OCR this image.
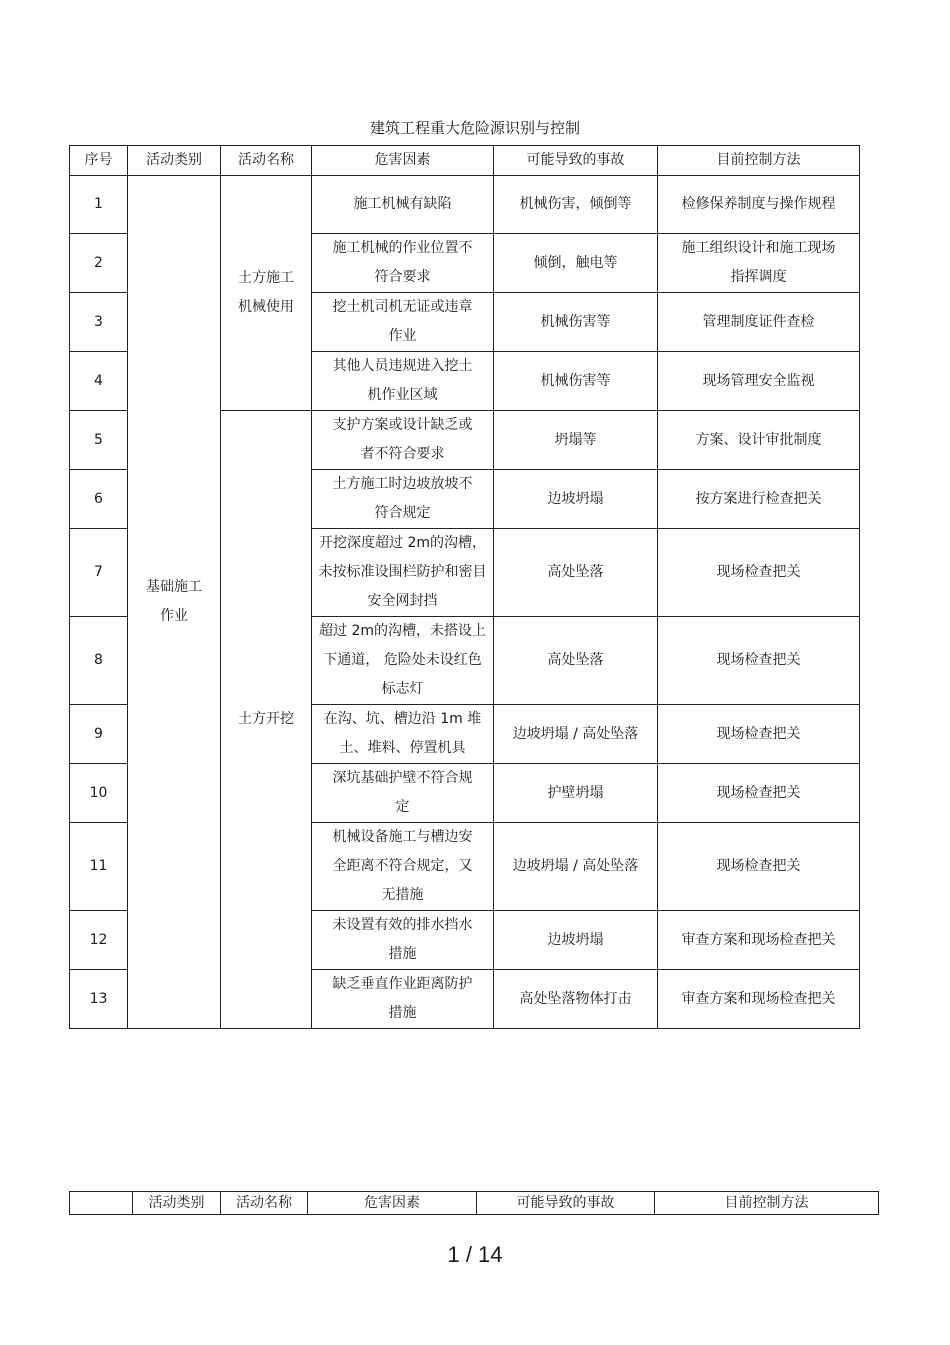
建筑工程重大危险源识别与控制
序号	活动类别	活动名称	危害因素	可能导致的事故	目前控制方法
1	基础施工作业	土方施工机械使用	施工机械有缺陷	机械伤害，倾倒等	检修保养制度与操作规程

2			施工机械的作业位置不符合要求	倾倒，触电等	施工组织设计和施工现场指挥调度

3			挖土机司机无证或违章作业	机械伤害等	管理制度证件查检
4			其他人员违规进入挖土机作业区域	机械伤害等	现场管理安全监视
5		土方开挖	支护方案或设计缺乏或者不符合要求	坍塌等	方案、设计审批制度
6			土方施工时边坡放坡不符合规定	边坡坍塌	按方案进行检查把关
7			开挖深度超过 2m的沟槽，未按标准设围栏防护和密目安全网封挡	高处坠落	现场检查把关
8			超过 2m的沟槽，未搭设上下通道， 危险处未设红色标志灯	高处坠落	现场检查把关
9			在沟、坑、槽边沿 1m 堆土、堆料、停置机具	边坡坍塌 / 高处坠落	现场检查把关
10			深坑基础护壁不符合规定	护壁坍塌	现场检查把关
11			机械设备施工与槽边安全距离不符合规定，又无措施	边坡坍塌 / 高处坠落	现场检查把关
12			未设置有效的排水挡水措施	边坡坍塌	审查方案和现场检查把关

13			缺乏垂直作业距离防护措施	高处坠落物体打击	审查方案和现场检查把关
	活动类别	活动名称	危害因素	可能导致的事故	目前控制方法
1 / 14
